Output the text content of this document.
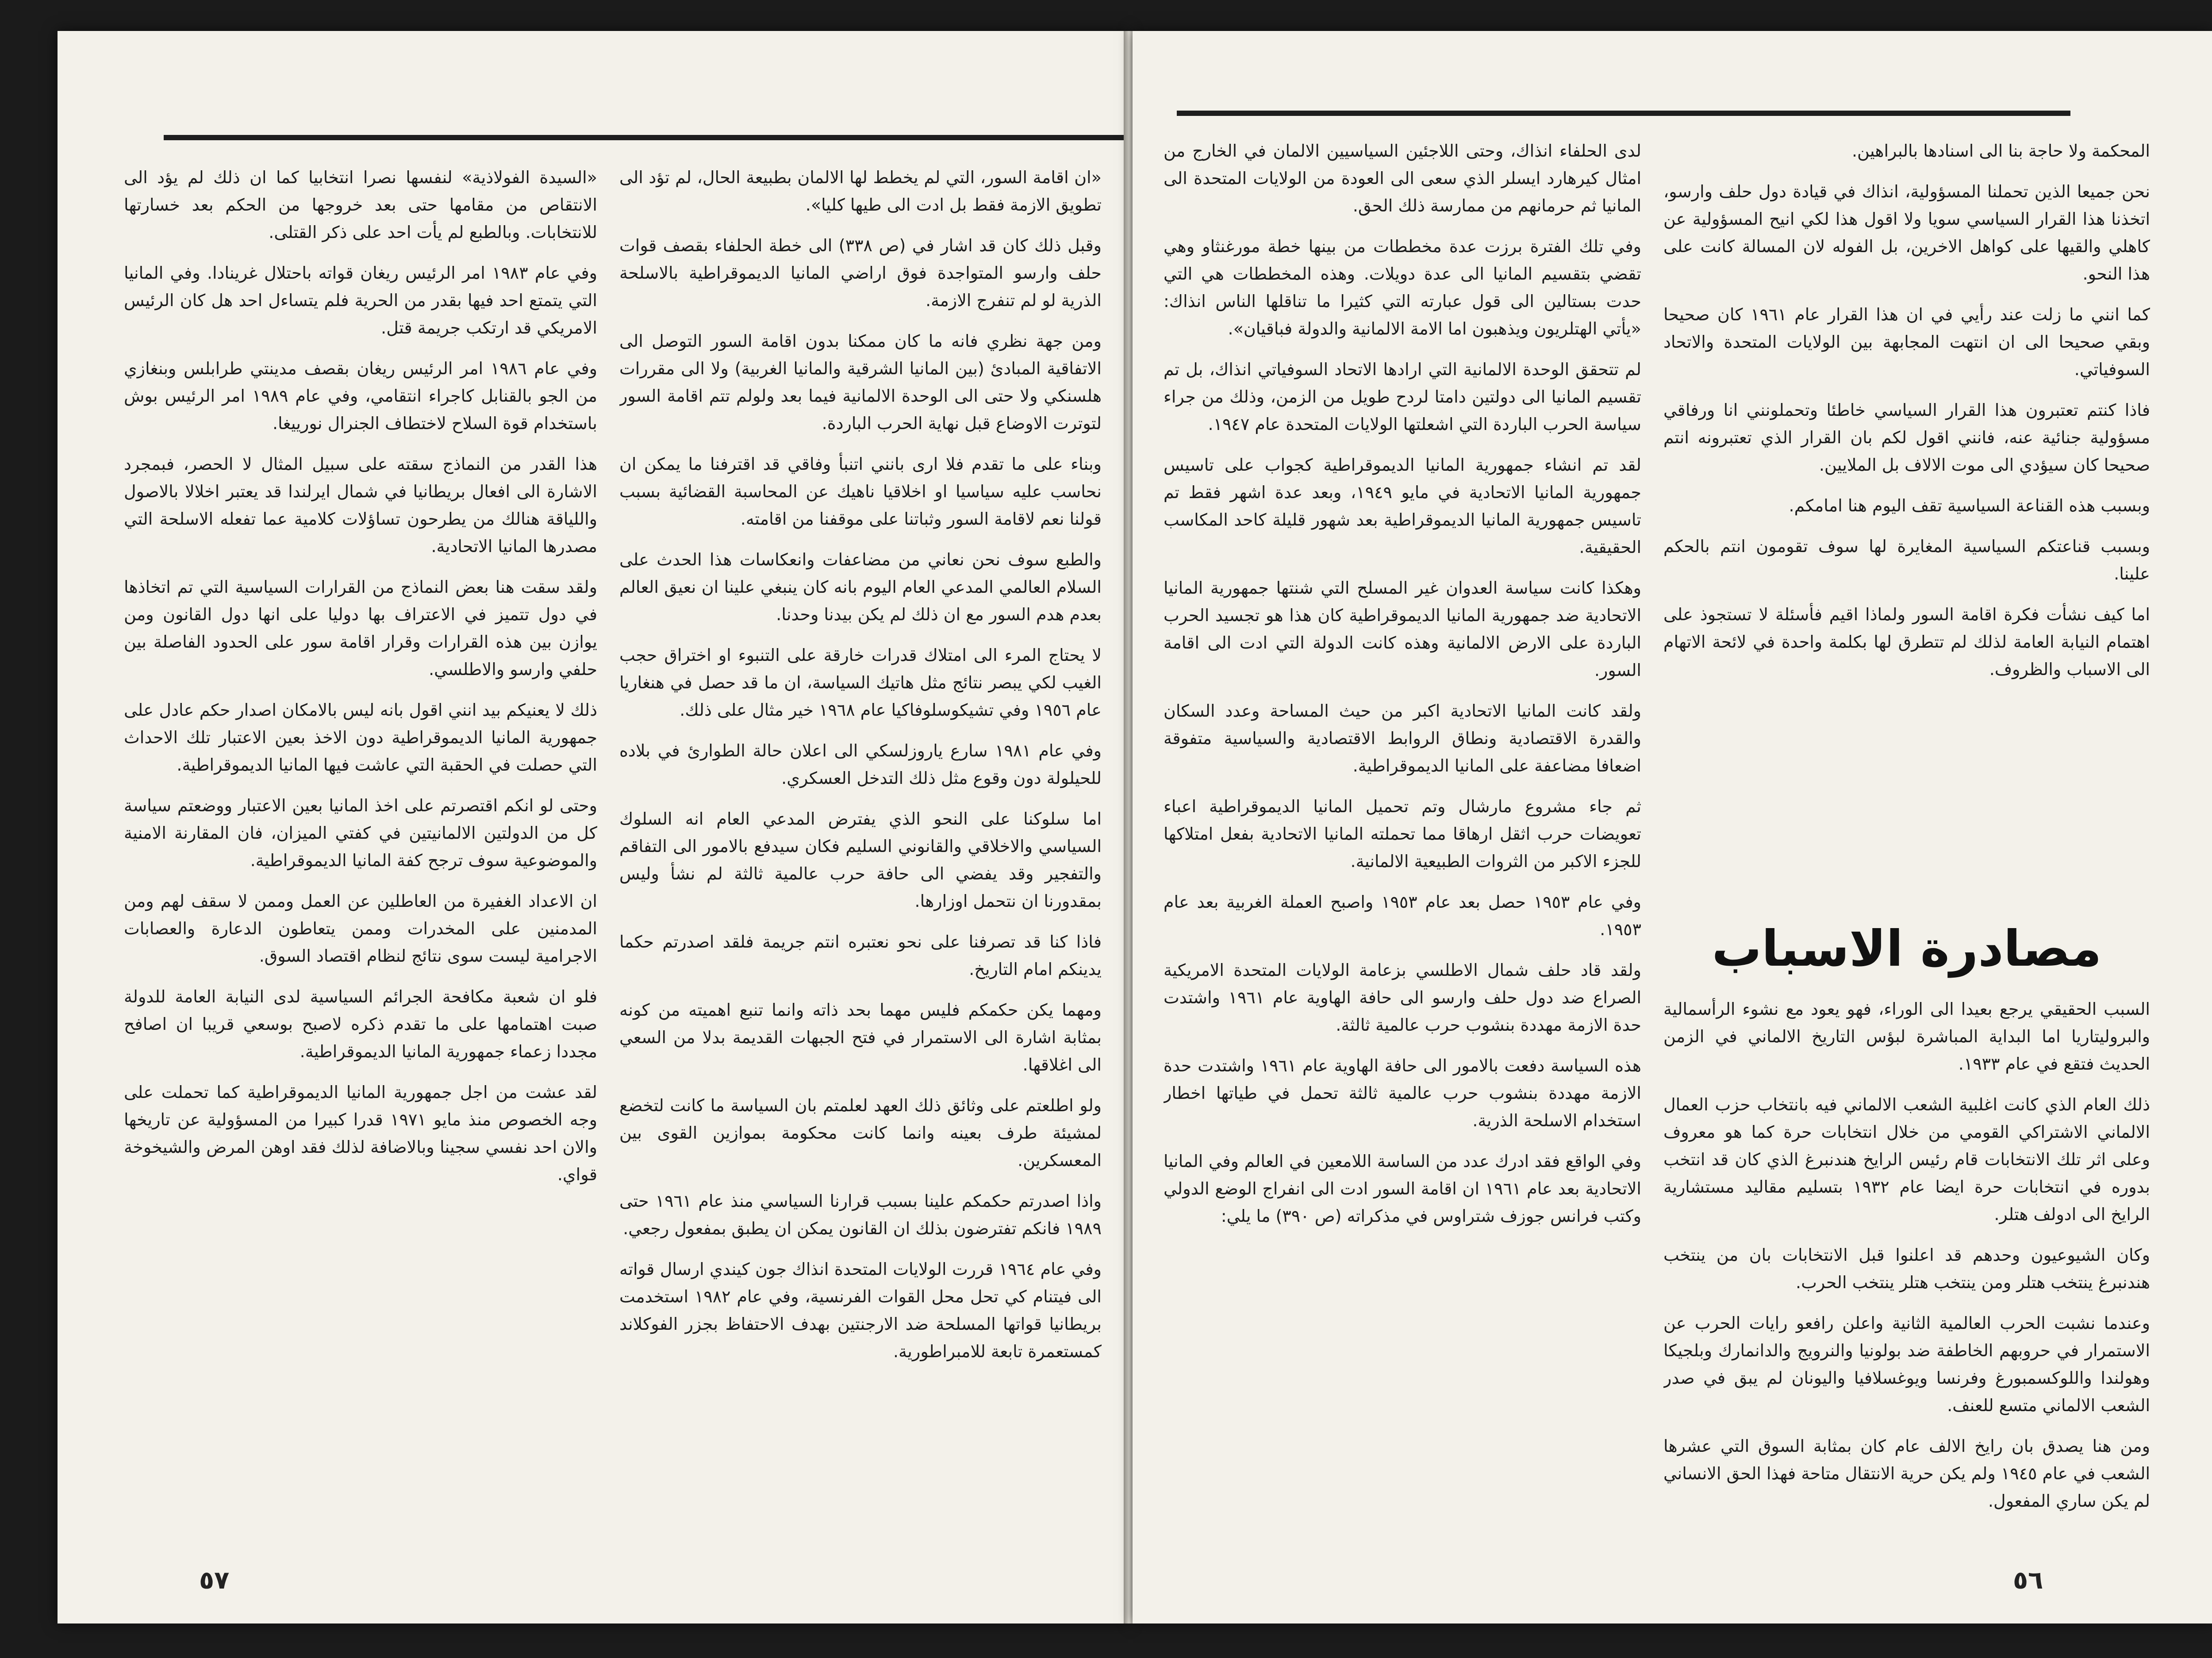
«ان اقامة السور، التي لم يخطط لها الالمان بطبيعة الحال، لم تؤد الى تطويق الازمة فقط بل ادت الى طيها كليا».

وقبل ذلك كان قد اشار في (ص ٣٣٨) الى خطة الحلفاء بقصف قوات حلف وارسو المتواجدة فوق اراضي المانيا الديموقراطية بالاسلحة الذرية لو لم تنفرج الازمة.

ومن جهة نظري فانه ما كان ممكنا بدون اقامة السور التوصل الى الاتفاقية المبادئ (بين المانيا الشرقية والمانيا الغربية) ولا الى مقررات هلسنكي ولا حتى الى الوحدة الالمانية فيما بعد ولولم تتم اقامة السور لتوترت الاوضاع قبل نهاية الحرب الباردة.

وبناء على ما تقدم فلا ارى بانني اتنبأ وفاقي قد اقترفنا ما يمكن ان نحاسب عليه سياسيا او اخلاقيا ناهيك عن المحاسبة القضائية بسبب قولنا نعم لاقامة السور وثباتنا على موقفنا من اقامته.

والطبع سوف نحن نعاني من مضاعفات وانعكاسات هذا الحدث على السلام العالمي المدعي العام اليوم بانه كان ينبغي علينا ان نعيق العالم بعدم هدم السور مع ان ذلك لم يكن بيدنا وحدنا.

لا يحتاج المرء الى امتلاك قدرات خارقة على التنبوء او اختراق حجب الغيب لكي يبصر نتائج مثل هاتيك السياسة، ان ما قد حصل في هنغاريا عام ١٩٥٦ وفي تشيكوسلوفاكيا عام ١٩٦٨ خير مثال على ذلك.

وفي عام ١٩٨١ سارع ياروزلسكي الى اعلان حالة الطوارئ في بلاده للحيلولة دون وقوع مثل ذلك التدخل العسكري.

اما سلوكنا على النحو الذي يفترض المدعي العام انه السلوك السياسي والاخلاقي والقانوني السليم فكان سيدفع بالامور الى التفاقم والتفجير وقد يفضي الى حافة حرب عالمية ثالثة لم نشأ وليس بمقدورنا ان نتحمل اوزارها.

فاذا كنا قد تصرفنا على نحو نعتبره انتم جريمة فلقد اصدرتم حكما يدينكم امام التاريخ.

ومهما يكن حكمكم فليس مهما بحد ذاته وانما تنبع اهميته من كونه بمثابة اشارة الى الاستمرار في فتح الجبهات القديمة بدلا من السعي الى اغلاقها.

ولو اطلعتم على وثائق ذلك العهد لعلمتم بان السياسة ما كانت لتخضع لمشيئة طرف بعينه وانما كانت محكومة بموازين القوى بين المعسكرين.

واذا اصدرتم حكمكم علينا بسبب قرارنا السياسي منذ عام ١٩٦١ حتى ١٩٨٩ فانكم تفترضون بذلك ان القانون يمكن ان يطبق بمفعول رجعي.

وفي عام ١٩٦٤ قررت الولايات المتحدة انذاك جون كيندي ارسال قواته الى فيتنام كي تحل محل القوات الفرنسية، وفي عام ١٩٨٢ استخدمت بريطانيا قواتها المسلحة ضد الارجنتين بهدف الاحتفاظ بجزر الفوكلاند كمستعمرة تابعة للامبراطورية.

«السيدة الفولاذية» لنفسها نصرا انتخابيا كما ان ذلك لم يؤد الى الانتقاص من مقامها حتى بعد خروجها من الحكم بعد خسارتها للانتخابات. وبالطبع لم يأت احد على ذكر القتلى.

وفي عام ١٩٨٣ امر الرئيس ريغان قواته باحتلال غرينادا. وفي المانيا التي يتمتع احد فيها بقدر من الحرية فلم يتساءل احد هل كان الرئيس الامريكي قد ارتكب جريمة قتل.

وفي عام ١٩٨٦ امر الرئيس ريغان بقصف مدينتي طرابلس وبنغازي من الجو بالقنابل كاجراء انتقامي، وفي عام ١٩٨٩ امر الرئيس بوش باستخدام قوة السلاح لاختطاف الجنرال نورييغا.

هذا القدر من النماذج سقته على سبيل المثال لا الحصر، فبمجرد الاشارة الى افعال بريطانيا في شمال ايرلندا قد يعتبر اخلالا بالاصول واللياقة هنالك من يطرحون تساؤلات كلامية عما تفعله الاسلحة التي مصدرها المانيا الاتحادية.

ولقد سقت هنا بعض النماذج من القرارات السياسية التي تم اتخاذها في دول تتميز في الاعتراف بها دوليا على انها دول القانون ومن يوازن بين هذه القرارات وقرار اقامة سور على الحدود الفاصلة بين حلفي وارسو والاطلسي.

ذلك لا يعنيكم بيد انني اقول بانه ليس بالامكان اصدار حكم عادل على جمهورية المانيا الديموقراطية دون الاخذ بعين الاعتبار تلك الاحداث التي حصلت في الحقبة التي عاشت فيها المانيا الديموقراطية.

وحتى لو انكم اقتصرتم على اخذ المانيا بعين الاعتبار ووضعتم سياسة كل من الدولتين الالمانيتين في كفتي الميزان، فان المقارنة الامنية والموضوعية سوف ترجح كفة المانيا الديموقراطية.

ان الاعداد الغفيرة من العاطلين عن العمل وممن لا سقف لهم ومن المدمنين على المخدرات وممن يتعاطون الدعارة والعصابات الاجرامية ليست سوى نتائج لنظام اقتصاد السوق.

فلو ان شعبة مكافحة الجرائم السياسية لدى النيابة العامة للدولة صبت اهتمامها على ما تقدم ذكره لاصبح بوسعي قريبا ان اصافح مجددا زعماء جمهورية المانيا الديموقراطية.

لقد عشت من اجل جمهورية المانيا الديموقراطية كما تحملت على وجه الخصوص منذ مايو ١٩٧١ قدرا كبيرا من المسؤولية عن تاريخها والان احد نفسي سجينا وبالاضافة لذلك فقد اوهن المرض والشيخوخة قواي.

٥٧

المحكمة ولا حاجة بنا الى اسنادها بالبراهين.

نحن جميعا الذين تحملنا المسؤولية، انذاك في قيادة دول حلف وارسو، اتخذنا هذا القرار السياسي سويا ولا اقول هذا لكي انيح المسؤولية عن كاهلي والقيها على كواهل الاخرين، بل الفوله لان المسالة كانت على هذا النحو.

كما انني ما زلت عند رأيي في ان هذا القرار عام ١٩٦١ كان صحيحا وبقي صحيحا الى ان انتهت المجابهة بين الولايات المتحدة والاتحاد السوفياتي.

فاذا كنتم تعتبرون هذا القرار السياسي خاطئا وتحملونني انا ورفاقي مسؤولية جنائية عنه، فانني اقول لكم بان القرار الذي تعتبرونه انتم صحيحا كان سيؤدي الى موت الالاف بل الملايين.

وبسبب هذه القناعة السياسية تقف اليوم هنا امامكم.

وبسبب قناعتكم السياسية المغايرة لها سوف تقومون انتم بالحكم علينا.

اما كيف نشأت فكرة اقامة السور ولماذا اقيم فأسئلة لا تستجوذ على اهتمام النيابة العامة لذلك لم تتطرق لها بكلمة واحدة في لائحة الاتهام الى الاسباب والظروف.

مصادرة الاسباب

السبب الحقيقي يرجع بعيدا الى الوراء، فهو يعود مع نشوء الرأسمالية والبروليتاريا اما البداية المباشرة لبؤس التاريخ الالماني في الزمن الحديث فتقع في عام ١٩٣٣.

ذلك العام الذي كانت اغلبية الشعب الالماني فيه بانتخاب حزب العمال الالماني الاشتراكي القومي من خلال انتخابات حرة كما هو معروف وعلى اثر تلك الانتخابات قام رئيس الرايخ هندنبرغ الذي كان قد انتخب بدوره في انتخابات حرة ايضا عام ١٩٣٢ بتسليم مقاليد مستشارية الرايخ الى ادولف هتلر.

وكان الشيوعيون وحدهم قد اعلنوا قبل الانتخابات بان من ينتخب هندنبرغ ينتخب هتلر ومن ينتخب هتلر ينتخب الحرب.

وعندما نشبت الحرب العالمية الثانية واعلن رافعو رايات الحرب عن الاستمرار في حروبهم الخاطفة ضد بولونيا والنرويج والدانمارك وبلجيكا وهولندا واللوكسمبورغ وفرنسا ويوغسلافيا واليونان لم يبق في صدر الشعب الالماني متسع للعنف.

ومن هنا يصدق بان رايخ الالف عام كان بمثابة السوق التي عشرها الشعب في عام ١٩٤٥ ولم يكن حرية الانتقال متاحة فهذا الحق الانساني لم يكن ساري المفعول.

لدى الحلفاء انذاك، وحتى اللاجئين السياسيين الالمان في الخارج من امثال كيرهارد ايسلر الذي سعى الى العودة من الولايات المتحدة الى المانيا ثم حرمانهم من ممارسة ذلك الحق.

وفي تلك الفترة برزت عدة مخططات من بينها خطة مورغنثاو وهي تقضي بتقسيم المانيا الى عدة دويلات. وهذه المخططات هي التي حدت بستالين الى قول عبارته التي كثيرا ما تناقلها الناس انذاك: «يأتي الهتلريون ويذهبون اما الامة الالمانية والدولة فباقيان».

لم تتحقق الوحدة الالمانية التي ارادها الاتحاد السوفياتي انذاك، بل تم تقسيم المانيا الى دولتين دامتا لردح طويل من الزمن، وذلك من جراء سياسة الحرب الباردة التي اشعلتها الولايات المتحدة عام ١٩٤٧.

لقد تم انشاء جمهورية المانيا الديموقراطية كجواب على تاسيس جمهورية المانيا الاتحادية في مايو ١٩٤٩، وبعد عدة اشهر فقط تم تاسيس جمهورية المانيا الديموقراطية بعد شهور قليلة كاحد المكاسب الحقيقية.

وهكذا كانت سياسة العدوان غير المسلح التي شنتها جمهورية المانيا الاتحادية ضد جمهورية المانيا الديموقراطية كان هذا هو تجسيد الحرب الباردة على الارض الالمانية وهذه كانت الدولة التي ادت الى اقامة السور.

ولقد كانت المانيا الاتحادية اكبر من حيث المساحة وعدد السكان والقدرة الاقتصادية ونطاق الروابط الاقتصادية والسياسية متفوقة اضعافا مضاعفة على المانيا الديموقراطية.

ثم جاء مشروع مارشال وتم تحميل المانيا الديموقراطية اعباء تعويضات حرب اثقل ارهاقا مما تحملته المانيا الاتحادية بفعل امتلاكها للجزء الاكبر من الثروات الطبيعية الالمانية.

وفي عام ١٩٥٣ حصل بعد عام ١٩٥٣ واصبح العملة الغربية بعد عام ١٩٥٣.

ولقد قاد حلف شمال الاطلسي بزعامة الولايات المتحدة الامريكية الصراع ضد دول حلف وارسو الى حافة الهاوية عام ١٩٦١ واشتدت حدة الازمة مهددة بنشوب حرب عالمية ثالثة.

هذه السياسة دفعت بالامور الى حافة الهاوية عام ١٩٦١ واشتدت حدة الازمة مهددة بنشوب حرب عالمية ثالثة تحمل في طياتها اخطار استخدام الاسلحة الذرية.

وفي الواقع فقد ادرك عدد من الساسة اللامعين في العالم وفي المانيا الاتحادية بعد عام ١٩٦١ ان اقامة السور ادت الى انفراج الوضع الدولي وكتب فرانس جوزف شتراوس في مذكراته (ص ٣٩٠) ما يلي:

٥٦
